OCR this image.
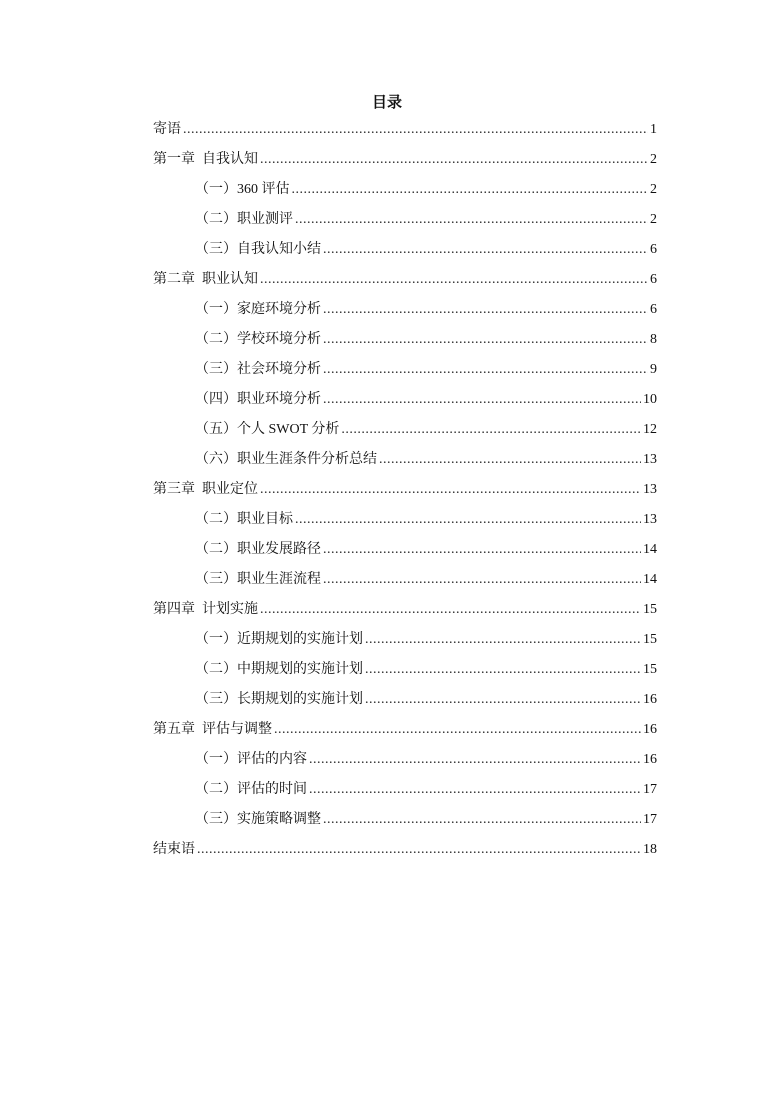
目录
寄语 .....	1
第一章  自我认知 .....	2
（一）360 评估 .....	2
（二）职业测评 .....	2
（三）自我认知小结 .....	6
第二章  职业认知 .....	6
（一）家庭环境分析 .....	6
（二）学校环境分析 .....	8
（三）社会环境分析 .....	9
（四）职业环境分析 .....	10
（五）个人 SWOT 分析 .....	12
（六）职业生涯条件分析总结 .....	13
第三章  职业定位 .....	13
（二）职业目标 .....	13
（二）职业发展路径 .....	14
（三）职业生涯流程 .....	14
第四章  计划实施 .....	15
（一）近期规划的实施计划 .....	15
（二）中期规划的实施计划 .....	15
（三）长期规划的实施计划 .....	16
第五章  评估与调整 .....	16
（一）评估的内容 .....	16
（二）评估的时间 .....	17
（三）实施策略调整 .....	17
结束语 .....	18
